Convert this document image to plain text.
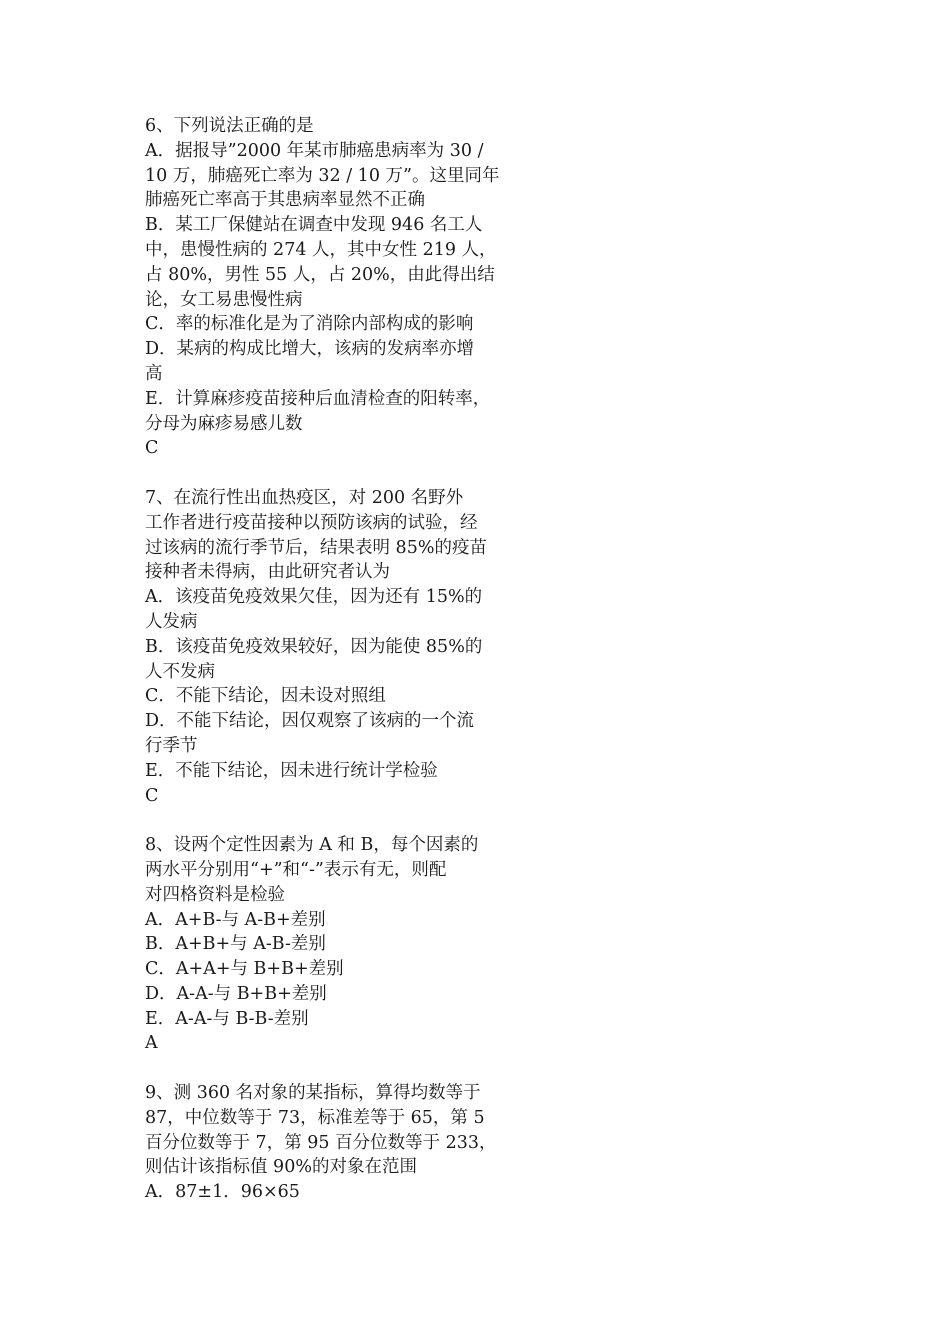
6、下列说法正确的是
A．据报导”2000 年某市肺癌患病率为 30 /
10 万，肺癌死亡率为 32 / 10 万”。这里同年
肺癌死亡率高于其患病率显然不正确
B．某工厂保健站在调查中发现 946 名工人
中，患慢性病的 274 人，其中女性 219 人，
占 80%，男性 55 人，占 20%，由此得出结
论，女工易患慢性病
C．率的标准化是为了消除内部构成的影响
D．某病的构成比增大，该病的发病率亦增
高
E．计算麻疹疫苗接种后血清检查的阳转率，
分母为麻疹易感儿数
C
7、在流行性出血热疫区，对 200 名野外
工作者进行疫苗接种以预防该病的试验，经
过该病的流行季节后，结果表明 85%的疫苗
接种者未得病，由此研究者认为
A．该疫苗免疫效果欠佳，因为还有 15%的
人发病
B．该疫苗免疫效果较好，因为能使 85%的
人不发病
C．不能下结论，因未设对照组
D．不能下结论，因仅观察了该病的一个流
行季节
E．不能下结论，因未进行统计学检验
C
8、设两个定性因素为 A 和 B，每个因素的
两水平分别用“+”和“-”表示有无，则配
对四格资料是检验
A．A+B-与 A-B+差别
B．A+B+与 A-B-差别
C．A+A+与 B+B+差别
D．A-A-与 B+B+差别
E．A-A-与 B-B-差别
A
9、测 360 名对象的某指标，算得均数等于
87，中位数等于 73，标准差等于 65，第 5
百分位数等于 7，第 95 百分位数等于 233，
则估计该指标值 90%的对象在范围
A．87±1．96×65
